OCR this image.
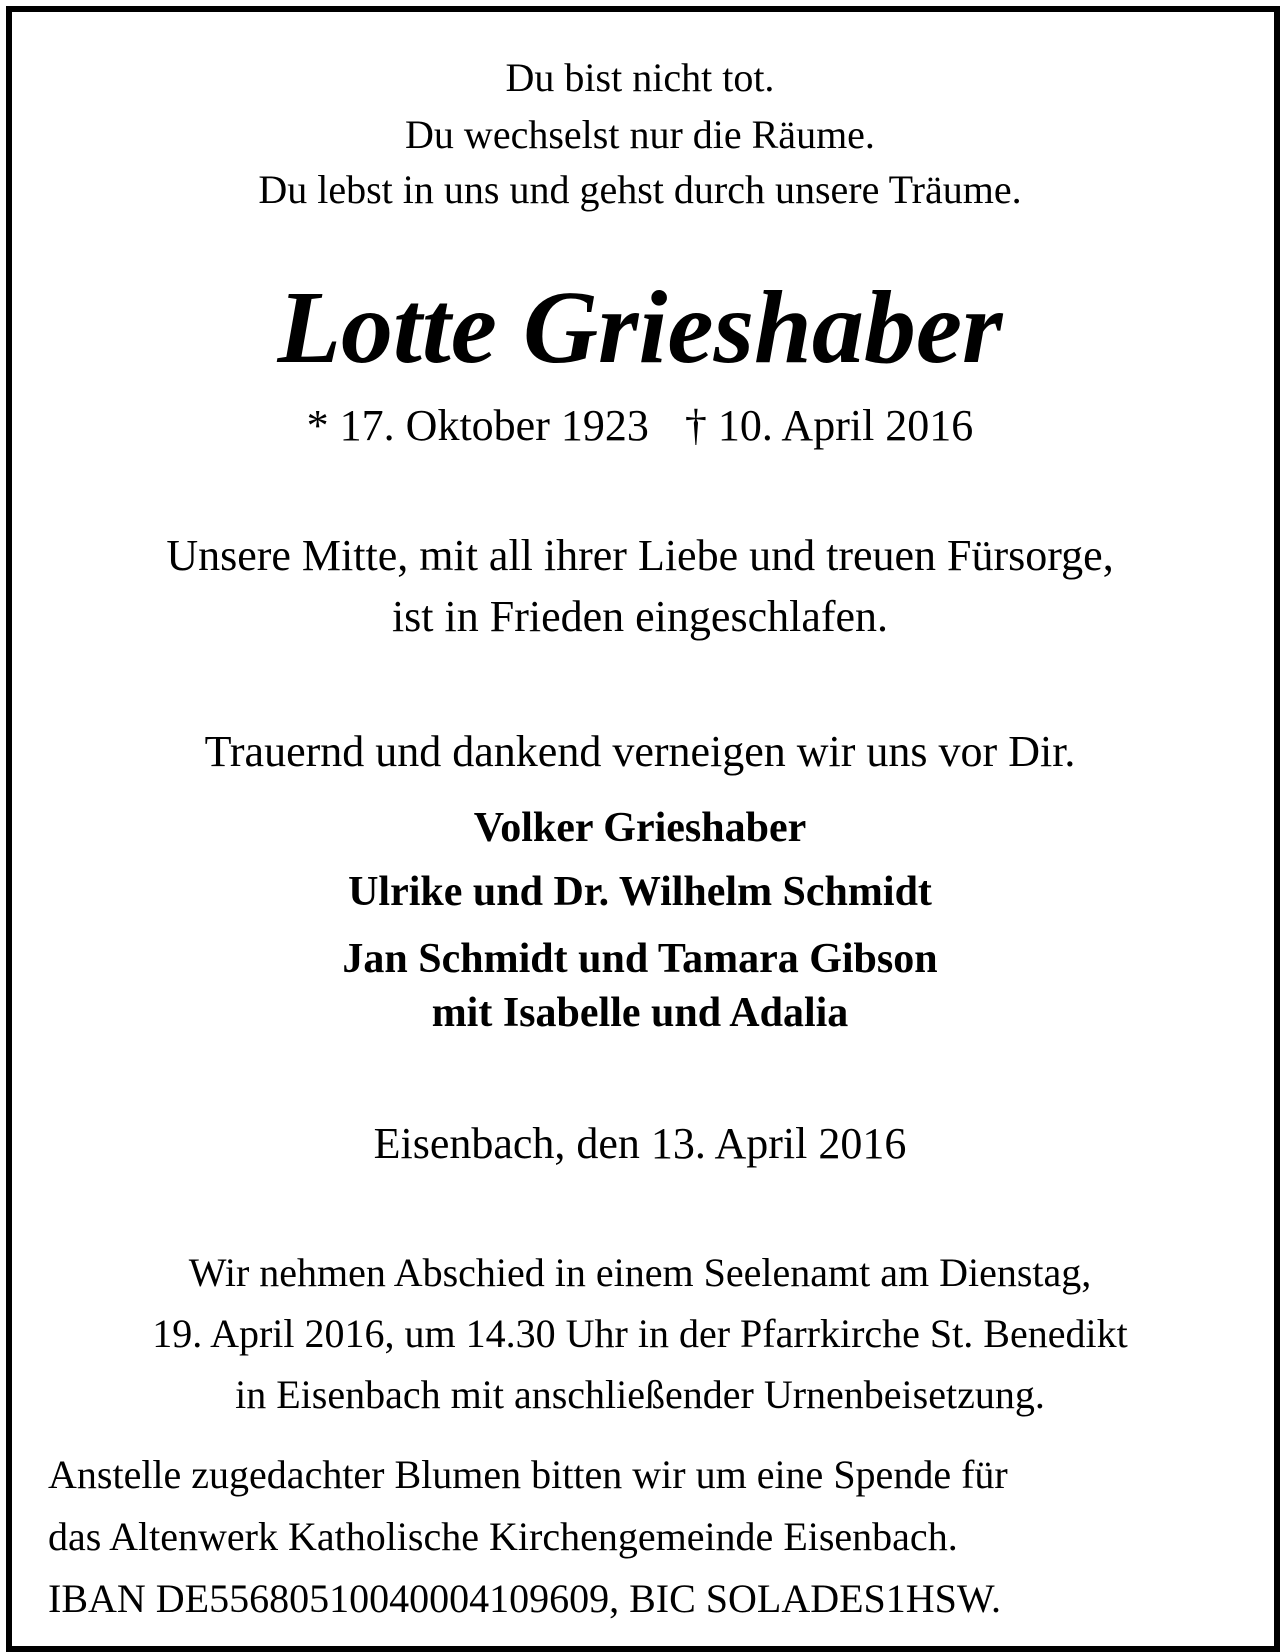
Du bist nicht tot.
Du wechselst nur die Räume.
Du lebst in uns und gehst durch unsere Träume.
Lotte Grieshaber
* 17. Oktober 1923 † 10. April 2016
Unsere Mitte, mit all ihrer Liebe und treuen Fürsorge,
ist in Frieden eingeschlafen.
Trauernd und dankend verneigen wir uns vor Dir.
Volker Grieshaber
Ulrike und Dr. Wilhelm Schmidt
Jan Schmidt und Tamara Gibson
mit Isabelle und Adalia
Eisenbach, den 13. April 2016
Wir nehmen Abschied in einem Seelenamt am Dienstag,
19. April 2016, um 14.30 Uhr in der Pfarrkirche St. Benedikt
in Eisenbach mit anschließender Urnenbeisetzung.
Anstelle zugedachter Blumen bitten wir um eine Spende für
das Altenwerk Katholische Kirchengemeinde Eisenbach.
IBAN DE55680510040004109609, BIC SOLADES1HSW.
